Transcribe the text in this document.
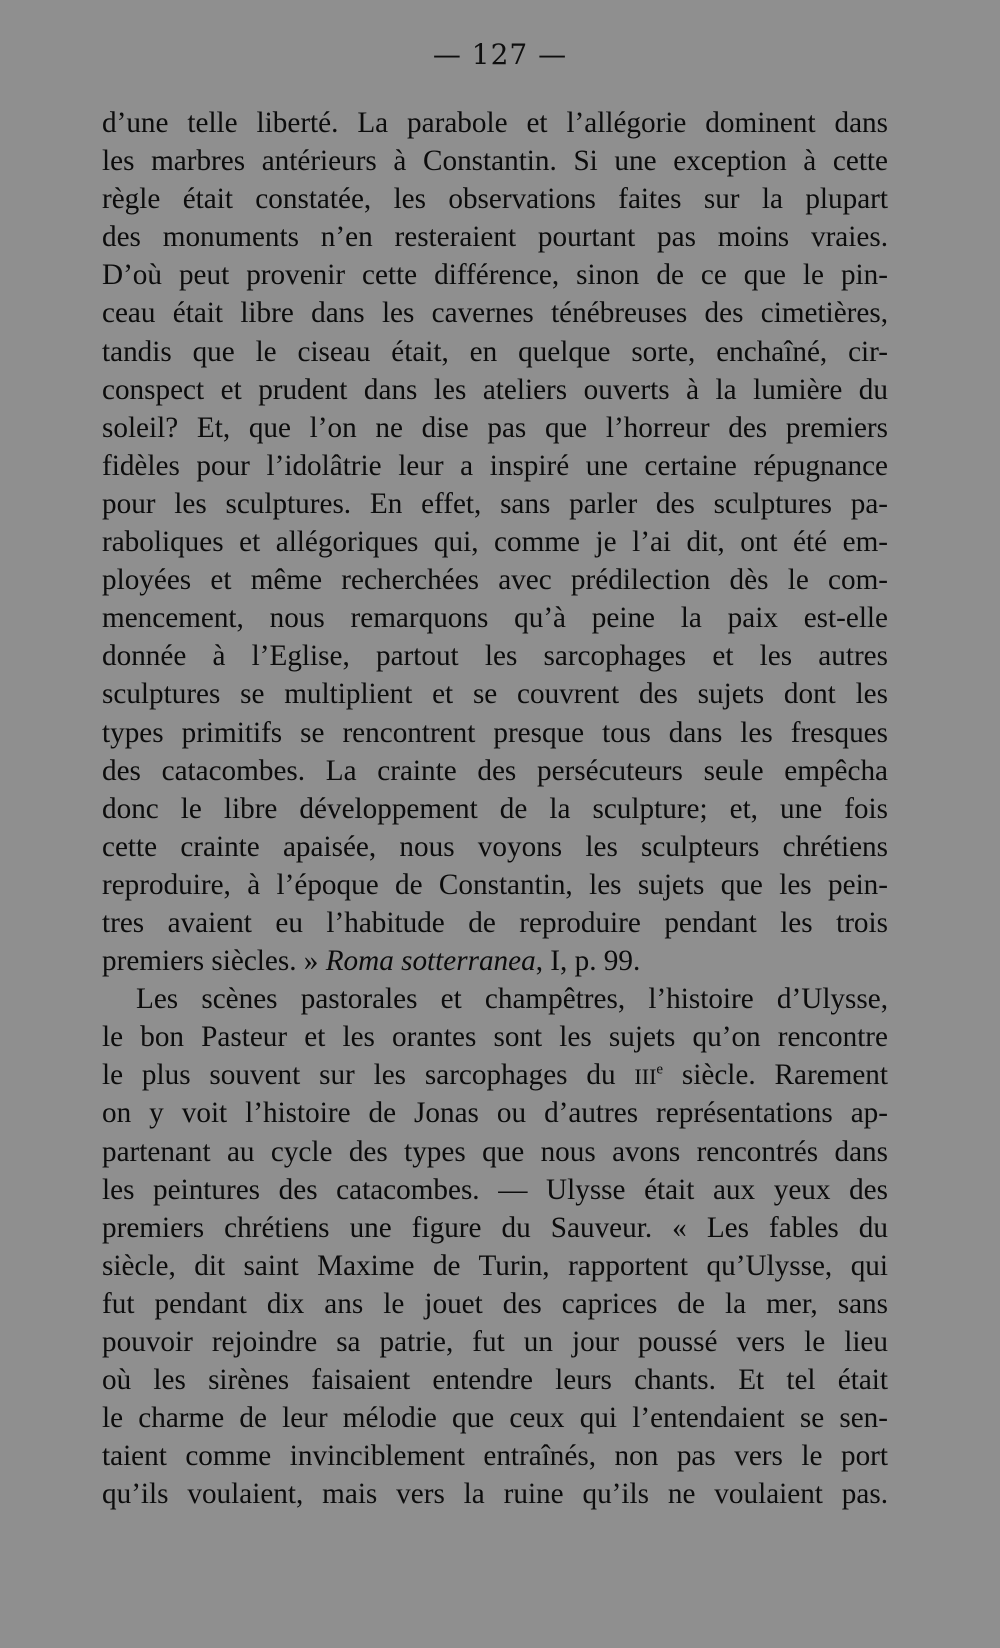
— 127 —
d’une telle liberté. La parabole et l’allégorie dominent dans
les marbres antérieurs à Constantin. Si une exception à cette
règle était constatée, les observations faites sur la plupart
des monuments n’en resteraient pourtant pas moins vraies.
D’où peut provenir cette différence, sinon de ce que le pin-
ceau était libre dans les cavernes ténébreuses des cimetières,
tandis que le ciseau était, en quelque sorte, enchaîné, cir-
conspect et prudent dans les ateliers ouverts à la lumière du
soleil? Et, que l’on ne dise pas que l’horreur des premiers
fidèles pour l’idolâtrie leur a inspiré une certaine répugnance
pour les sculptures. En effet, sans parler des sculptures pa-
raboliques et allégoriques qui, comme je l’ai dit, ont été em-
ployées et même recherchées avec prédilection dès le com-
mencement, nous remarquons qu’à peine la paix est-elle
donnée à l’Eglise, partout les sarcophages et les autres
sculptures se multiplient et se couvrent des sujets dont les
types primitifs se rencontrent presque tous dans les fresques
des catacombes. La crainte des persécuteurs seule empêcha
donc le libre développement de la sculpture; et, une fois
cette crainte apaisée, nous voyons les sculpteurs chrétiens
reproduire, à l’époque de Constantin, les sujets que les pein-
tres avaient eu l’habitude de reproduire pendant les trois
premiers siècles. » Roma sotterranea, I, p. 99.
Les scènes pastorales et champêtres, l’histoire d’Ulysse,
le bon Pasteur et les orantes sont les sujets qu’on rencontre
le plus souvent sur les sarcophages du IIIe siècle. Rarement
on y voit l’histoire de Jonas ou d’autres représentations ap-
partenant au cycle des types que nous avons rencontrés dans
les peintures des catacombes. — Ulysse était aux yeux des
premiers chrétiens une figure du Sauveur. « Les fables du
siècle, dit saint Maxime de Turin, rapportent qu’Ulysse, qui
fut pendant dix ans le jouet des caprices de la mer, sans
pouvoir rejoindre sa patrie, fut un jour poussé vers le lieu
où les sirènes faisaient entendre leurs chants. Et tel était
le charme de leur mélodie que ceux qui l’entendaient se sen-
taient comme invinciblement entraînés, non pas vers le port
qu’ils voulaient, mais vers la ruine qu’ils ne voulaient pas.
